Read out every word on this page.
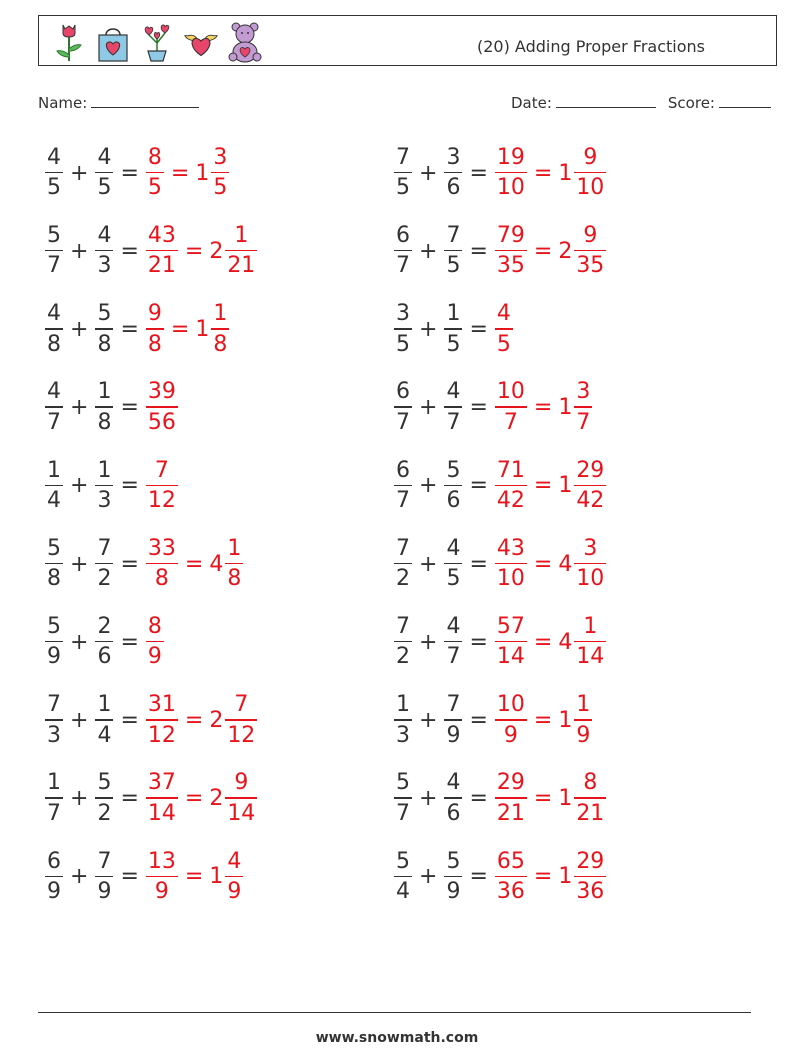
(20) Adding Proper Fractions
Name:	Date:	Score:
$\frac{4}{5} + \frac{4}{5} = \frac{8}{5} = 1 \frac{3}{5}$	$\frac{7}{5} + \frac{3}{6} = \frac{19}{10} = 1 \frac{9}{10}$
$\frac{5}{7} + \frac{4}{3} = \frac{43}{21} = 2 \frac{1}{21}$	$\frac{6}{7} + \frac{7}{5} = \frac{79}{35} = 2 \frac{9}{35}$
$\frac{4}{8} + \frac{5}{8} = \frac{9}{8} = 1 \frac{1}{8}$	$\frac{3}{5} + \frac{1}{5} = \frac{4}{5}$
$\frac{4}{7} + \frac{1}{8} = \frac{39}{56}$	$\frac{6}{7} + \frac{4}{7} = \frac{10}{7} = 1 \frac{3}{7}$
$\frac{1}{4} + \frac{1}{3} = \frac{7}{12}$	$\frac{6}{7} + \frac{5}{6} = \frac{71}{42} = 1 \frac{29}{42}$
$\frac{5}{8} + \frac{7}{2} = \frac{33}{8} = 4 \frac{1}{8}$	$\frac{7}{2} + \frac{4}{5} = \frac{43}{10} = 4 \frac{3}{10}$
$\frac{5}{9} + \frac{2}{6} = \frac{8}{9}$	$\frac{7}{2} + \frac{4}{7} = \frac{57}{14} = 4 \frac{1}{14}$
$\frac{7}{3} + \frac{1}{4} = \frac{31}{12} = 2 \frac{7}{12}$	$\frac{1}{3} + \frac{7}{9} = \frac{10}{9} = 1 \frac{1}{9}$
$\frac{1}{7} + \frac{5}{2} = \frac{37}{14} = 2 \frac{9}{14}$	$\frac{5}{7} + \frac{4}{6} = \frac{29}{21} = 1 \frac{8}{21}$
$\frac{6}{9} + \frac{7}{9} = \frac{13}{9} = 1 \frac{4}{9}$	$\frac{5}{4} + \frac{5}{9} = \frac{65}{36} = 1 \frac{29}{36}$
www.snowmath.com
